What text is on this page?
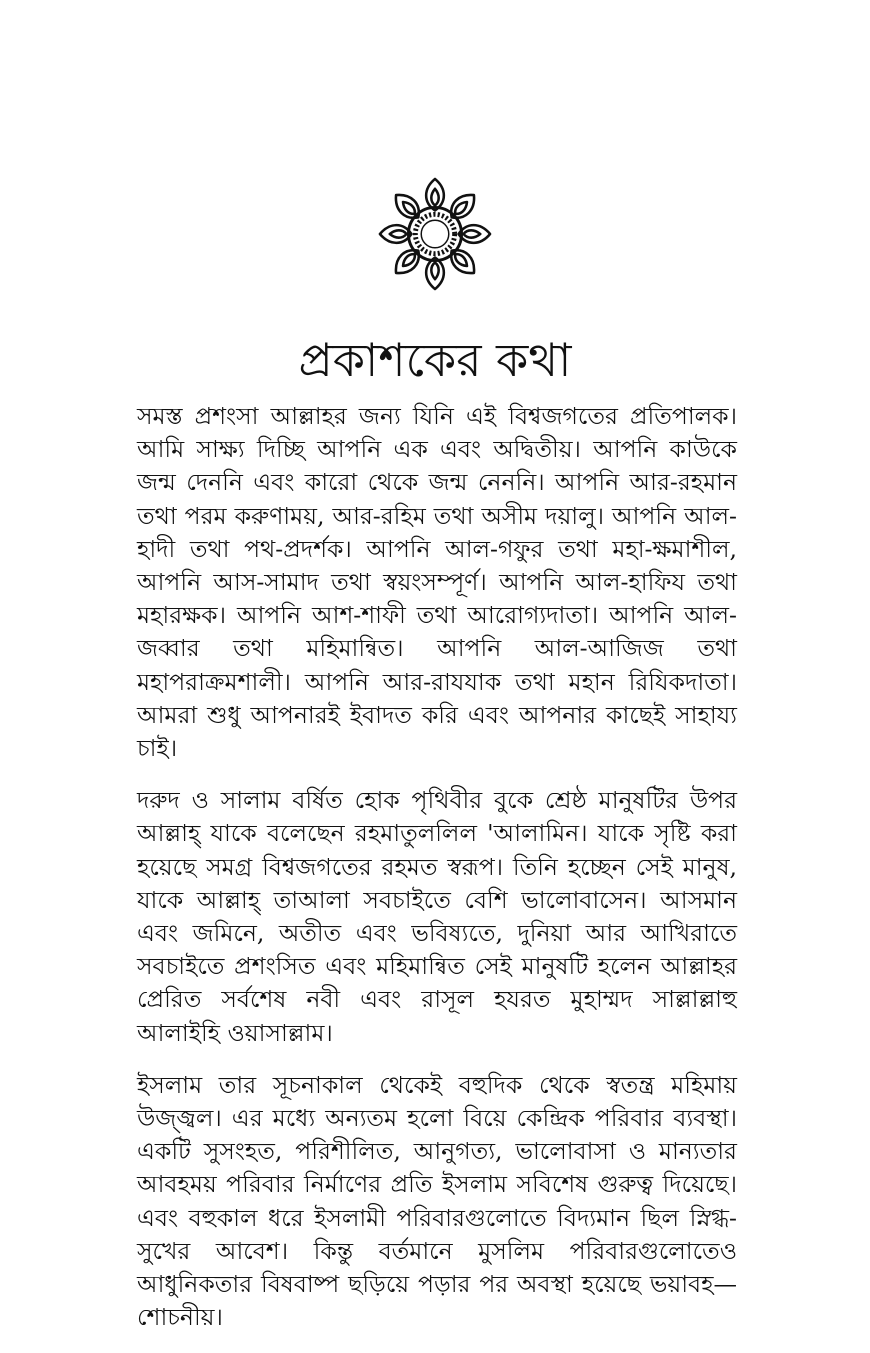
প্রকাশকের কথা

সমস্ত প্রশংসা আল্লাহর জন্য যিনি এই বিশ্বজগতের প্রতিপালক। আমি সাক্ষ্য দিচ্ছি আপনি এক এবং অদ্বিতীয়। আপনি কাউকে জন্ম দেননি এবং কারো থেকে জন্ম নেননি। আপনি আর-রহমান তথা পরম করুণাময়, আর-রহিম তথা অসীম দয়ালু। আপনি আল-হাদী তথা পথ-প্রদর্শক। আপনি আল-গফুর তথা মহা-ক্ষমাশীল, আপনি আস-সামাদ তথা স্বয়ংসম্পূর্ণ। আপনি আল-হাফিয তথা মহারক্ষক। আপনি আশ-শাফী তথা আরোগ্যদাতা। আপনি আল-জব্বার তথা মহিমান্বিত। আপনি আল-আজিজ তথা মহাপরাক্রমশালী। আপনি আর-রাযযাক তথা মহান রিযিকদাতা। আমরা শুধু আপনারই ইবাদত করি এবং আপনার কাছেই সাহায্য চাই।

দরুদ ও সালাম বর্ষিত হোক পৃথিবীর বুকে শ্রেষ্ঠ মানুষটির উপর আল্লাহ্ যাকে বলেছেন রহমাতুললিল 'আলামিন। যাকে সৃষ্টি করা হয়েছে সমগ্র বিশ্বজগতের রহমত স্বরূপ। তিনি হচ্ছেন সেই মানুষ, যাকে আল্লাহ্ তাআলা সবচাইতে বেশি ভালোবাসেন। আসমান এবং জমিনে, অতীত এবং ভবিষ্যতে, দুনিয়া আর আখিরাতে সবচাইতে প্রশংসিত এবং মহিমান্বিত সেই মানুষটি হলেন আল্লাহর প্রেরিত সর্বশেষ নবী এবং রাসূল হযরত মুহাম্মদ সাল্লাল্লাহু আলাইহি ওয়াসাল্লাম।

ইসলাম তার সূচনাকাল থেকেই বহুদিক থেকে স্বতন্ত্র মহিমায় উজ্জ্বল। এর মধ্যে অন্যতম হলো বিয়ে কেন্দ্রিক পরিবার ব্যবস্থা। একটি সুসংহত, পরিশীলিত, আনুগত্য, ভালোবাসা ও মান্যতার আবহময় পরিবার নির্মাণের প্রতি ইসলাম সবিশেষ গুরুত্ব দিয়েছে। এবং বহুকাল ধরে ইসলামী পরিবারগুলোতে বিদ্যমান ছিল স্নিগ্ধ-সুখের আবেশ। কিন্তু বর্তমানে মুসলিম পরিবারগুলোতেও আধুনিকতার বিষবাষ্প ছড়িয়ে পড়ার পর অবস্থা হয়েছে ভয়াবহ—শোচনীয়।
